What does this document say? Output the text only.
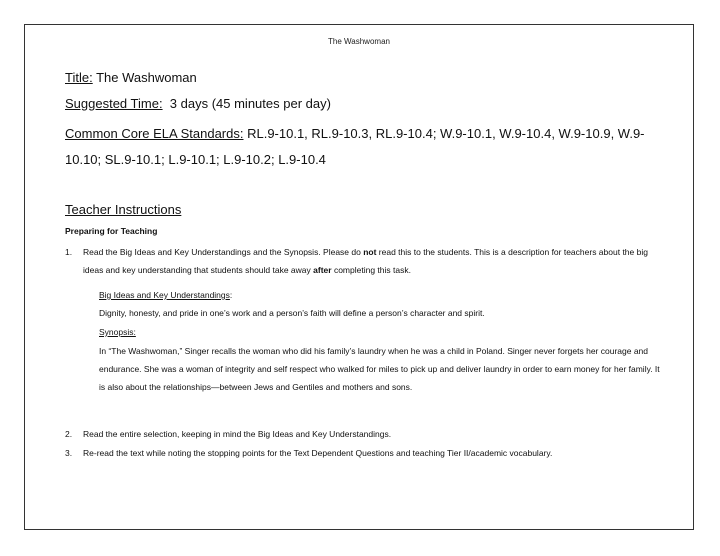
The Washwoman
Title: The Washwoman
Suggested Time:  3 days (45 minutes per day)
Common Core ELA Standards: RL.9-10.1, RL.9-10.3, RL.9-10.4; W.9-10.1, W.9-10.4, W.9-10.9, W.9-10.10; SL.9-10.1; L.9-10.1; L.9-10.2; L.9-10.4
Teacher Instructions
Preparing for Teaching
1. Read the Big Ideas and Key Understandings and the Synopsis. Please do not read this to the students. This is a description for teachers about the big ideas and key understanding that students should take away after completing this task.
Big Ideas and Key Understandings:
Dignity, honesty, and pride in one’s work and a person’s faith will define a person’s character and spirit.
Synopsis:
In “The Washwoman,” Singer recalls the woman who did his family’s laundry when he was a child in Poland. Singer never forgets her courage and endurance. She was a woman of integrity and self respect who walked for miles to pick up and deliver laundry in order to earn money for her family. It is also about the relationships—between Jews and Gentiles and mothers and sons.
2. Read the entire selection, keeping in mind the Big Ideas and Key Understandings.
3. Re-read the text while noting the stopping points for the Text Dependent Questions and teaching Tier II/academic vocabulary.
